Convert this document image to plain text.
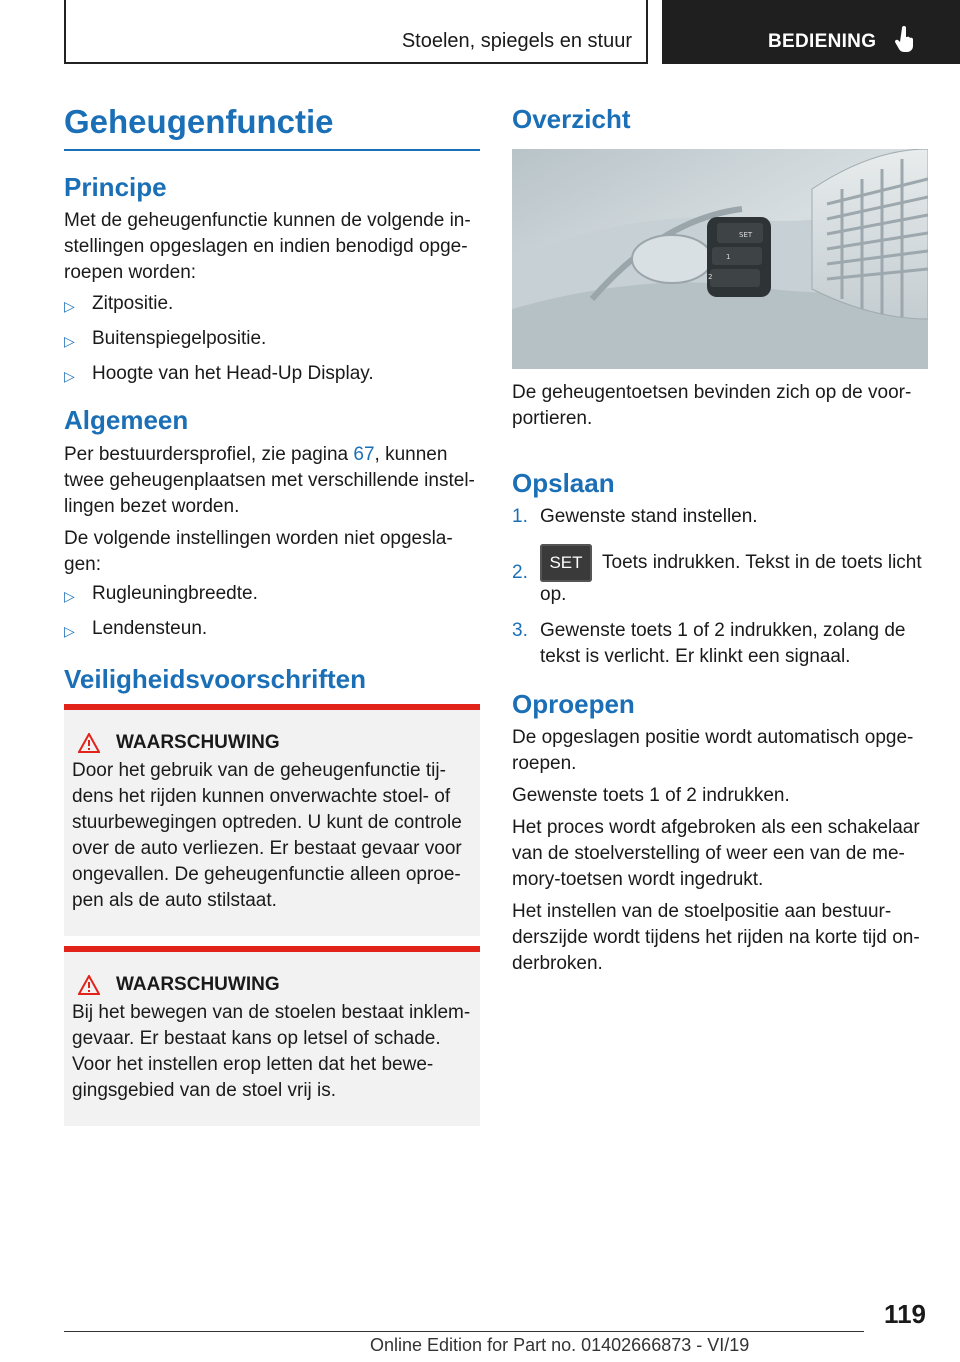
Stoelen, spiegels en stuur	BEDIENING
Geheugenfunctie
Principe

Met de geheugenfunctie kunnen de volgende in-stellingen opgeslagen en indien benodigd opge-roepen worden:

▷ Zitpositie.
▷ Buitenspiegelpositie.
▷ Hoogte van het Head-Up Display.
Algemeen

Per bestuurdersprofiel, zie pagina 67, kunnen twee geheugenplaatsen met verschillende instel-lingen bezet worden.

De volgende instellingen worden niet opgesla-gen:

▷ Rugleuningbreedte.
▷ Lendensteun.
Veiligheidsvoorschriften
WAARSCHUWING
Door het gebruik van de geheugenfunctie tij-dens het rijden kunnen onverwachte stoel- of stuurbewegingen optreden. U kunt de controle over de auto verliezen. Er bestaat gevaar voor ongevallen. De geheugenfunctie alleen oproe-pen als de auto stilstaat.
WAARSCHUWING
Bij het bewegen van de stoelen bestaat inklem-gevaar. Er bestaat kans op letsel of schade. Voor het instellen erop letten dat het bewe-gingsgebied van de stoel vrij is.
Overzicht
SET
1
2

De geheugentoetsen bevinden zich op de voor-portieren.

Opslaan
1. Gewenste stand instellen.
2.	SET Toets indrukken. Tekst in de toets licht op.
3. Gewenste toets 1 of 2 indrukken, zolang de tekst is verlicht. Er klinkt een signaal.
Oproepen

De opgeslagen positie wordt automatisch opge-roepen.

Gewenste toets 1 of 2 indrukken.

Het proces wordt afgebroken als een schakelaar van de stoelverstelling of weer een van de me-mory-toetsen wordt ingedrukt.

Het instellen van de stoelpositie aan bestuur-derszijde wordt tijdens het rijden na korte tijd on-derbroken.

119
Online Edition for Part no. 01402666873 - VI/19
